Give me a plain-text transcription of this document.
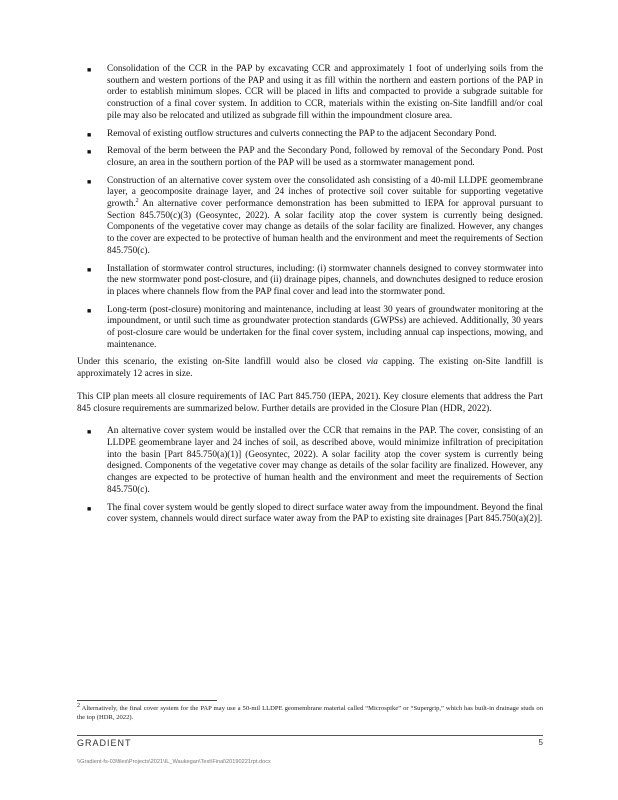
■ Consolidation of the CCR in the PAP by excavating CCR and approximately 1 foot of underlying soils from the southern and western portions of the PAP and using it as fill within the northern and eastern portions of the PAP in order to establish minimum slopes. CCR will be placed in lifts and compacted to provide a subgrade suitable for construction of a final cover system. In addition to CCR, materials within the existing on-Site landfill and/or coal pile may also be relocated and utilized as subgrade fill within the impoundment closure area.
■ Removal of existing outflow structures and culverts connecting the PAP to the adjacent Secondary Pond.
■ Removal of the berm between the PAP and the Secondary Pond, followed by removal of the Secondary Pond. Post closure, an area in the southern portion of the PAP will be used as a stormwater management pond.
■ Construction of an alternative cover system over the consolidated ash consisting of a 40-mil LLDPE geomembrane layer, a geocomposite drainage layer, and 24 inches of protective soil cover suitable for supporting vegetative growth.$^2$ An alternative cover performance demonstration has been submitted to IEPA for approval pursuant to Section 845.750(c)(3) (Geosyntec, 2022). A solar facility atop the cover system is currently being designed. Components of the vegetative cover may change as details of the solar facility are finalized. However, any changes to the cover are expected to be protective of human health and the environment and meet the requirements of Section 845.750(c).
■ Installation of stormwater control structures, including: (i) stormwater channels designed to convey stormwater into the new stormwater pond post-closure, and (ii) drainage pipes, channels, and downchutes designed to reduce erosion in places where channels flow from the PAP final cover and lead into the stormwater pond.
■ Long-term (post-closure) monitoring and maintenance, including at least 30 years of groundwater monitoring at the impoundment, or until such time as groundwater protection standards (GWPSs) are achieved. Additionally, 30 years of post-closure care would be undertaken for the final cover system, including annual cap inspections, mowing, and maintenance.

Under this scenario, the existing on-Site landfill would also be closed via capping. The existing on-Site landfill is approximately 12 acres in size.

This CIP plan meets all closure requirements of IAC Part 845.750 (IEPA, 2021). Key closure elements that address the Part 845 closure requirements are summarized below. Further details are provided in the Closure Plan (HDR, 2022).

■ An alternative cover system would be installed over the CCR that remains in the PAP. The cover, consisting of an LLDPE geomembrane layer and 24 inches of soil, as described above, would minimize infiltration of precipitation into the basin [Part 845.750(a)(1)] (Geosyntec, 2022). A solar facility atop the cover system is currently being designed. Components of the vegetative cover may change as details of the solar facility are finalized. However, any changes are expected to be protective of human health and the environment and meet the requirements of Section 845.750(c).
■ The final cover system would be gently sloped to direct surface water away from the impoundment. Beyond the final cover system, channels would direct surface water away from the PAP to existing site drainages [Part 845.750(a)(2)].
$^2$ Alternatively, the final cover system for the PAP may use a 50-mil LLDPE geomembrane material called “Microspike” or “Supergrip,” which has built-in drainage studs on the top (HDR, 2022).
GRADIENT	5
\\Gradient-fs-03\files\Projects\2021\IL_Waukegan\Text\Final\20190221rpt.docx
